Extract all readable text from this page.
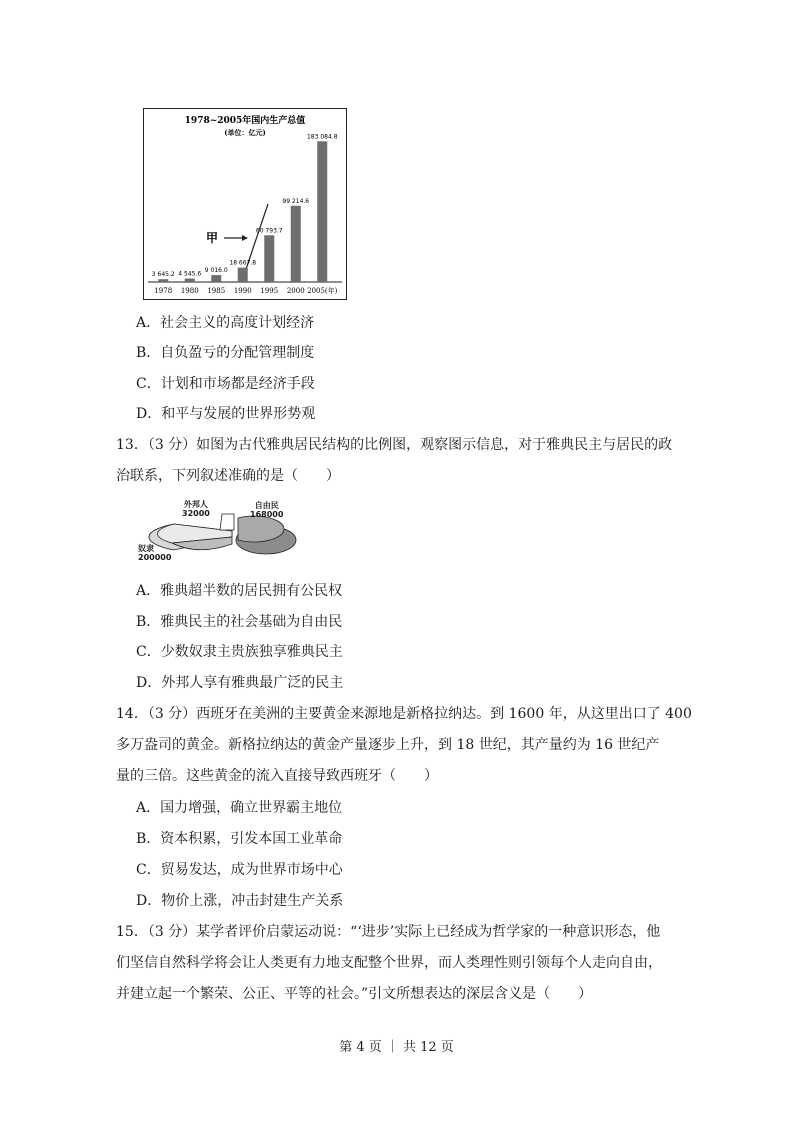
1978~2005年国内生产总值
(单位：亿元)
甲
3 645.2
1978
4 545.6
1980
9 016.0
1985
18 667.8
1990
60 793.7
1995
99 214.6
2000
183 084.8
2005(年)
A．社会主义的高度计划经济
B．自负盈亏的分配管理制度
C．计划和市场都是经济手段
D．和平与发展的世界形势观
13．（3 分）如图为古代雅典居民结构的比例图，观察图示信息，对于雅典民主与居民的政
治联系，下列叙述准确的是（　　）
外邦人
32000
自由民
168000
奴隶
200000
A．雅典超半数的居民拥有公民权
B．雅典民主的社会基础为自由民
C．少数奴隶主贵族独享雅典民主
D．外邦人享有雅典最广泛的民主
14．（3 分）西班牙在美洲的主要黄金来源地是新格拉纳达。到 1600 年，从这里出口了 400
多万盎司的黄金。新格拉纳达的黄金产量逐步上升，到 18 世纪，其产量约为 16 世纪产
量的三倍。这些黄金的流入直接导致西班牙（　　）
A．国力增强，确立世界霸主地位
B．资本积累，引发本国工业革命
C．贸易发达，成为世界市场中心
D．物价上涨，冲击封建生产关系
15．（3 分）某学者评价启蒙运动说：“‘进步’实际上已经成为哲学家的一种意识形态，他
们坚信自然科学将会让人类更有力地支配整个世界，而人类理性则引领每个人走向自由，
并建立起一个繁荣、公正、平等的社会。”引文所想表达的深层含义是（　　）
第 4 页 ｜ 共 12 页
